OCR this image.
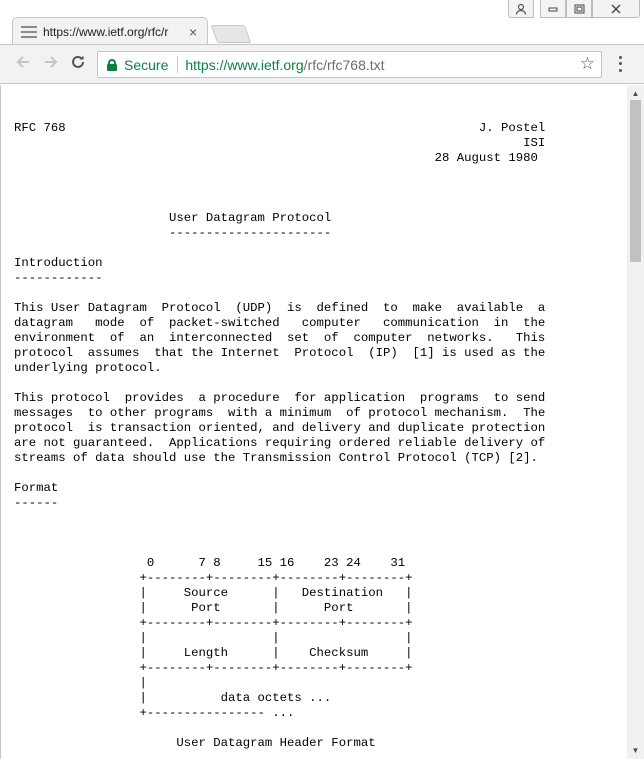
https://www.ietf.org/rfc/r	×
Secure https://www.ietf.org /rfc/rfc768.txt	☆
RFC 768                                                        J. Postel
ISI
28 August 1980

User Datagram Protocol
----------------------

Introduction
------------

This User Datagram  Protocol  (UDP)  is  defined  to  make  available  a
datagram   mode  of  packet-switched   computer   communication  in  the
environment  of  an  interconnected  set  of  computer  networks.   This
protocol  assumes  that the Internet  Protocol  (IP)  [1] is used as the
underlying protocol.

This protocol  provides  a procedure  for application  programs  to send
messages  to other programs  with a minimum  of protocol mechanism.  The
protocol  is transaction oriented, and delivery and duplicate protection
are not guaranteed.  Applications requiring ordered reliable delivery of
streams of data should use the Transmission Control Protocol (TCP) [2].

Format
------

0      7 8     15 16    23 24    31
+--------+--------+--------+--------+
|     Source      |   Destination   |
|      Port       |      Port       |
+--------+--------+--------+--------+
|                 |                 |
|     Length      |    Checksum     |
+--------+--------+--------+--------+
|
|          data octets ...
+---------------- ...

User Datagram Header Format
▲
▼
